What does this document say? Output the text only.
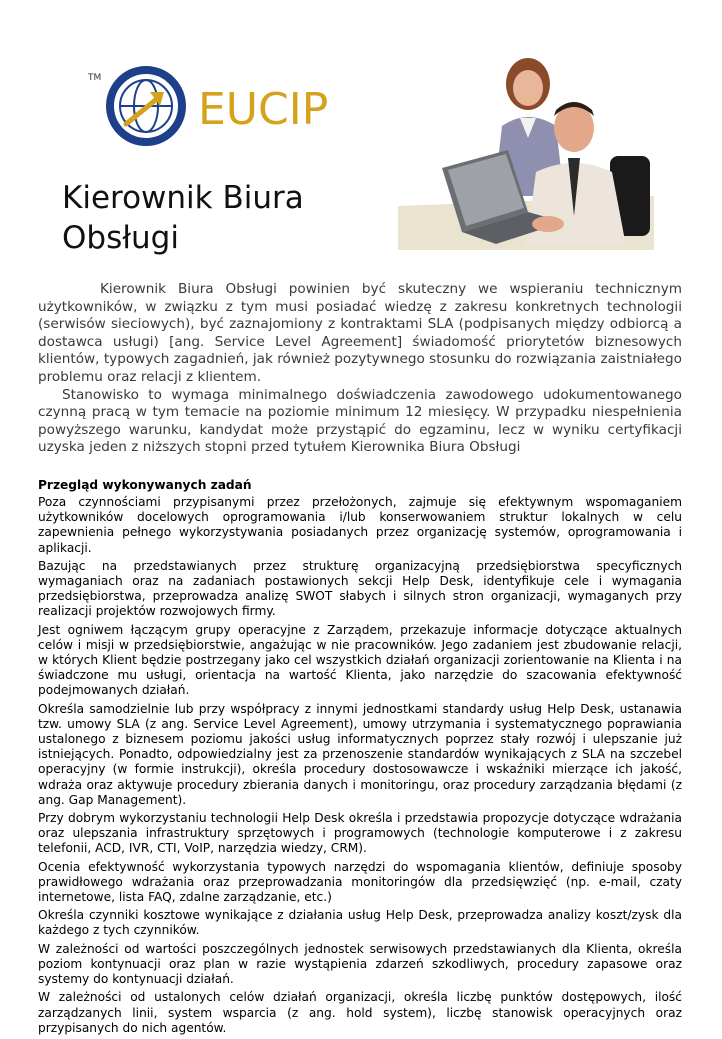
TM
EUCIP
Kierownik Biura
Obsługi

Kierownik Biura Obsługi powinien być skuteczny we wspieraniu technicznym użytkowników, w związku z tym musi posiadać wiedzę z zakresu konkretnych technologii (serwisów sieciowych), być zaznajomiony z kontraktami SLA (podpisanych między odbiorcą a dostawca usługi) [ang. Service Level Agreement] świadomość priorytetów biznesowych klientów, typowych zagadnień, jak również pozytywnego stosunku do rozwiązania zaistniałego problemu oraz relacji z klientem.

Stanowisko to wymaga minimalnego doświadczenia zawodowego udokumentowanego czynną pracą w tym temacie na poziomie minimum 12 miesięcy. W przypadku niespełnienia powyższego warunku, kandydat może przystąpić do egzaminu, lecz w wyniku certyfikacji uzyska jeden z niższych stopni przed tytułem Kierownika Biura Obsługi

Przegląd wykonywanych zadań

Poza czynnościami przypisanymi przez przełożonych, zajmuje się efektywnym wspomaganiem użytkowników docelowych oprogramowania i/lub konserwowaniem struktur lokalnych w celu zapewnienia pełnego wykorzystywania posiadanych przez organizację systemów, oprogramowania i aplikacji.

Bazując na przedstawianych przez strukturę organizacyjną przedsiębiorstwa specyficznych wymaganiach oraz na zadaniach postawionych sekcji Help Desk, identyfikuje cele i wymagania przedsiębiorstwa, przeprowadza analizę SWOT słabych i silnych stron organizacji, wymaganych przy realizacji projektów rozwojowych firmy.

Jest ogniwem łączącym grupy operacyjne z Zarządem, przekazuje informacje dotyczące aktualnych celów i misji w przedsiębiorstwie, angażując w nie pracowników. Jego zadaniem jest zbudowanie relacji, w których Klient będzie postrzegany jako cel wszystkich działań organizacji zorientowanie na Klienta i na świadczone mu usługi, orientacja na wartość Klienta, jako narzędzie do szacowania efektywność podejmowanych działań.

Określa samodzielnie lub przy współpracy z innymi jednostkami standardy usług Help Desk, ustanawia tzw. umowy SLA (z ang. Service Level Agreement), umowy utrzymania i systematycznego poprawiania ustalonego z biznesem poziomu jakości usług informatycznych poprzez stały rozwój i ulepszanie już istniejących. Ponadto, odpowiedzialny jest za przenoszenie standardów wynikających z SLA na szczebel operacyjny (w formie instrukcji), określa procedury dostosowawcze i wskaźniki mierzące ich jakość, wdraża oraz aktywuje procedury zbierania danych i monitoringu, oraz procedury zarządzania błędami (z ang. Gap Management).

Przy dobrym wykorzystaniu technologii Help Desk określa i przedstawia propozycje dotyczące wdrażania oraz ulepszania infrastruktury sprzętowych i programowych (technologie komputerowe i z zakresu telefonii, ACD, IVR, CTI, VoIP, narzędzia wiedzy, CRM).

Ocenia efektywność wykorzystania typowych narzędzi do wspomagania klientów, definiuje sposoby prawidłowego wdrażania oraz przeprowadzania monitoringów dla przedsięwzięć (np. e-mail, czaty internetowe, lista FAQ, zdalne zarządzanie, etc.)

Określa czynniki kosztowe wynikające z działania usług Help Desk, przeprowadza analizy koszt/zysk dla każdego z tych czynników.

W zależności od wartości poszczególnych jednostek serwisowych przedstawianych dla Klienta, określa poziom kontynuacji oraz plan w razie wystąpienia zdarzeń szkodliwych, procedury zapasowe oraz systemy do kontynuacji działań.

W zależności od ustalonych celów działań organizacji, określa liczbę punktów dostępowych, ilość zarządzanych linii, system wsparcia (z ang. hold system), liczbę stanowisk operacyjnych oraz przypisanych do nich agentów.
